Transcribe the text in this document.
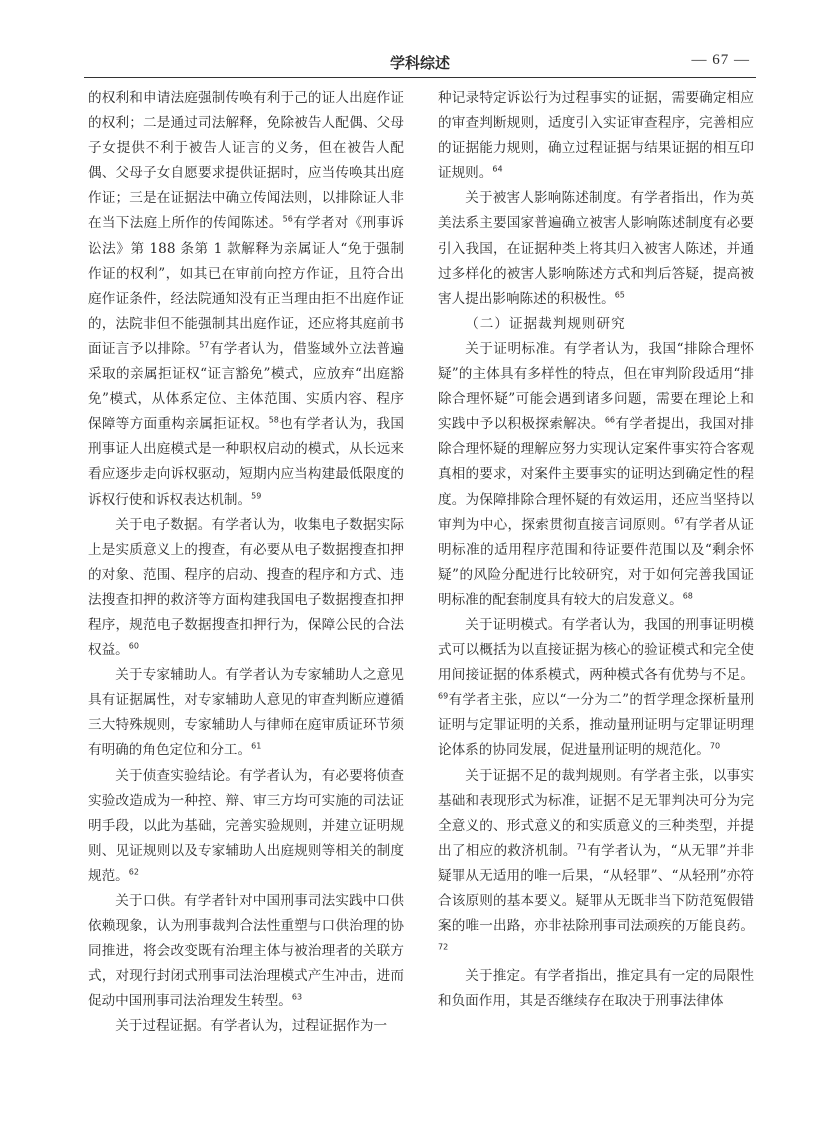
学科综述	— 67 —

的权利和申请法庭强制传唤有利于己的证人出庭作证的权利；二是通过司法解释，免除被告人配偶、父母子女提供不利于被告人证言的义务，但在被告人配偶、父母子女自愿要求提供证据时，应当传唤其出庭作证；三是在证据法中确立传闻法则，以排除证人非在当下法庭上所作的传闻陈述。$^{56}$有学者对《刑事诉讼法》第 188 条第 1 款解释为亲属证人“免于强制作证的权利”，如其已在审前向控方作证，且符合出庭作证条件，经法院通知没有正当理由拒不出庭作证的，法院非但不能强制其出庭作证，还应将其庭前书面证言予以排除。$^{57}$有学者认为，借鉴域外立法普遍采取的亲属拒证权“证言豁免”模式，应放弃“出庭豁免”模式，从体系定位、主体范围、实质内容、程序保障等方面重构亲属拒证权。$^{58}$也有学者认为，我国刑事证人出庭模式是一种职权启动的模式，从长远来看应逐步走向诉权驱动，短期内应当构建最低限度的诉权行使和诉权表达机制。$^{59}$

关于电子数据。有学者认为，收集电子数据实际上是实质意义上的搜查，有必要从电子数据搜查扣押的对象、范围、程序的启动、搜查的程序和方式、违法搜查扣押的救济等方面构建我国电子数据搜查扣押程序，规范电子数据搜查扣押行为，保障公民的合法权益。$^{60}$

关于专家辅助人。有学者认为专家辅助人之意见具有证据属性，对专家辅助人意见的审查判断应遵循三大特殊规则，专家辅助人与律师在庭审质证环节须有明确的角色定位和分工。$^{61}$

关于侦查实验结论。有学者认为，有必要将侦查实验改造成为一种控、辩、审三方均可实施的司法证明手段，以此为基础，完善实验规则，并建立证明规则、见证规则以及专家辅助人出庭规则等相关的制度规范。$^{62}$

关于口供。有学者针对中国刑事司法实践中口供依赖现象，认为刑事裁判合法性重塑与口供治理的协同推进，将会改变既有治理主体与被治理者的关联方式，对现行封闭式刑事司法治理模式产生冲击，进而促动中国刑事司法治理发生转型。$^{63}$

关于过程证据。有学者认为，过程证据作为一

种记录特定诉讼行为过程事实的证据，需要确定相应的审查判断规则，适度引入实证审查程序，完善相应的证据能力规则，确立过程证据与结果证据的相互印证规则。$^{64}$

关于被害人影响陈述制度。有学者指出，作为英美法系主要国家普遍确立被害人影响陈述制度有必要引入我国，在证据种类上将其归入被害人陈述，并通过多样化的被害人影响陈述方式和判后答疑，提高被害人提出影响陈述的积极性。$^{65}$

（二）证据裁判规则研究

关于证明标准。有学者认为，我国“排除合理怀疑”的主体具有多样性的特点，但在审判阶段适用“排除合理怀疑”可能会遇到诸多问题，需要在理论上和实践中予以积极探索解决。$^{66}$有学者提出，我国对排除合理怀疑的理解应努力实现认定案件事实符合客观真相的要求，对案件主要事实的证明达到确定性的程度。为保障排除合理怀疑的有效运用，还应当坚持以审判为中心，探索贯彻直接言词原则。$^{67}$有学者从证明标准的适用程序范围和待证要件范围以及“剩余怀疑”的风险分配进行比较研究，对于如何完善我国证明标准的配套制度具有较大的启发意义。$^{68}$

关于证明模式。有学者认为，我国的刑事证明模式可以概括为以直接证据为核心的验证模式和完全使用间接证据的体系模式，两种模式各有优势与不足。$^{69}$有学者主张，应以“一分为二”的哲学理念探析量刑证明与定罪证明的关系，推动量刑证明与定罪证明理论体系的协同发展，促进量刑证明的规范化。$^{70}$

关于证据不足的裁判规则。有学者主张，以事实基础和表现形式为标准，证据不足无罪判决可分为完全意义的、形式意义的和实质意义的三种类型，并提出了相应的救济机制。$^{71}$有学者认为，“从无罪”并非疑罪从无适用的唯一后果，“从轻罪”、“从轻刑”亦符合该原则的基本要义。疑罪从无既非当下防范冤假错案的唯一出路，亦非祛除刑事司法顽疾的万能良药。$^{72}$

关于推定。有学者指出，推定具有一定的局限性和负面作用，其是否继续存在取决于刑事法律体
